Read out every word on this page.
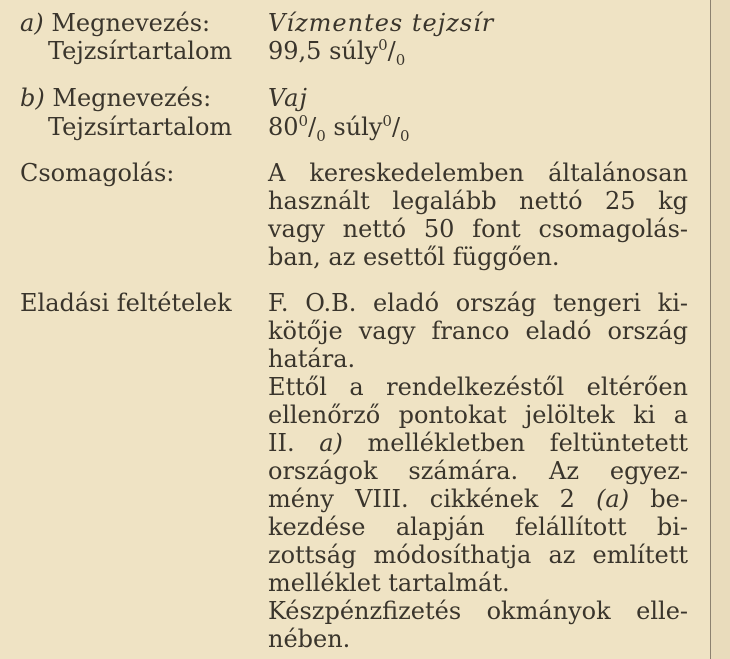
a) Megnevezés: Vízmentes tejzsír
Tejzsírtartalom 99,5 $súly^0/_0$
b) Megnevezés: Vaj
Tejzsírtartalom $80^0/_0$ $súly^0/_0$
Csomagolás:	A kereskedelemben általánosan
használt legalább nettó 25 kg
vagy nettó 50 font csomagolás-
ban, az esettől függően.
Eladási feltételek F. O.B. eladó ország tengeri ki-
kötője vagy franco eladó ország
határa.
Ettől a rendelkezéstől eltérően
ellenőrző pontokat jelöltek ki a
II. a) mellékletben feltüntetett
országok számára. Az egyez-
mény VIII. cikkének 2 (a) be-
kezdése alapján felállított bi-
zottság módosíthatja az említett
melléklet tartalmát.
Készpénzfizetés okmányok elle-
nében.
